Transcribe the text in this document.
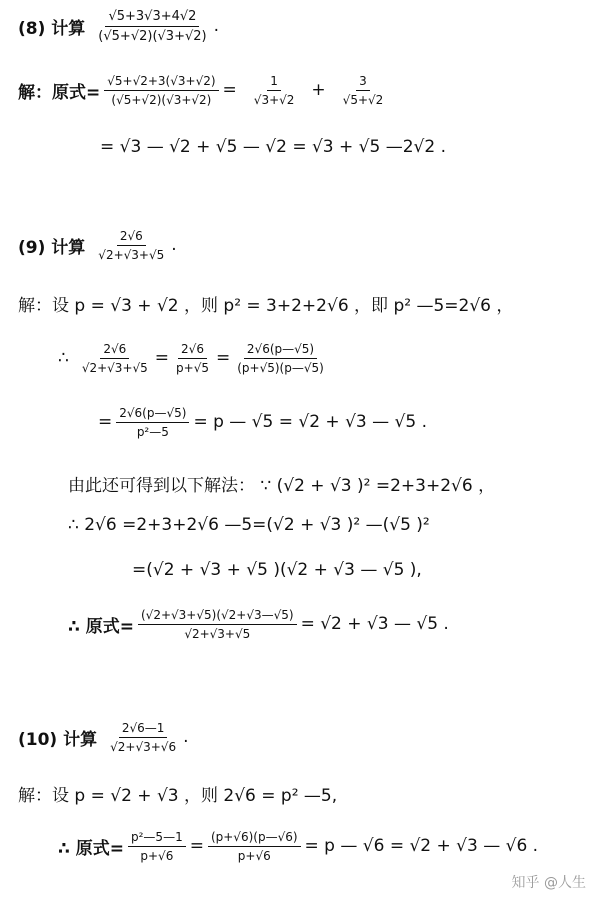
(8) 计算 $\frac{√5+3√3+4√2}{(√5+√2)(√3+√2)}$ .
解：原式= $\frac{√5+√2+3(√3+√2)}{(√5+√2)(√3+√2)} = \frac{1}{√3+√2} + \frac{3}{√5+√2}$
= √3 — √2 + √5 — √2 = √3 + √5 —2√2 .
(9) 计算 $\frac{2√6}{√2+√3+√5}$ .
解：设 p = √3 + √2 ，则 p² = 3+2+2√6 ，即 p² —5=2√6 ，
∴ $\frac{2√6}{√2+√3+√5} = \frac{2√6}{p+√5} = \frac{2√6(p—√5)}{(p+√5)(p—√5)}$
= $\frac{2√6(p—√5)}{\text{p²—5}} = p$ — √5 = √2 + √3 — √5 .
由此还可得到以下解法： ∵ (√2 + √3 )² =2+3+2√6 ，
∴ 2√6 =2+3+2√6 —5=(√2 + √3 )² —(√5 )²
=(√2 + √3 + √5 )(√2 + √3 — √5 ),
∴ 原式= $\frac{(√2+√3+√5)(√2+√3—√5)}{√2+√3+√5} = √2 + √3$ — √5 .
(10) 计算 $\frac{2√6—1}{√2+√3+√6}$ .
解：设 p = √2 + √3 ，则 2√6 = p² —5,
∴ 原式= $\frac{\text{p²—5—1}}{p+√6} = \frac{(p+√6)(p—√6)}{p+√6} = p$ — √6 = √2 + √3 — √6 .
知乎 @人生
